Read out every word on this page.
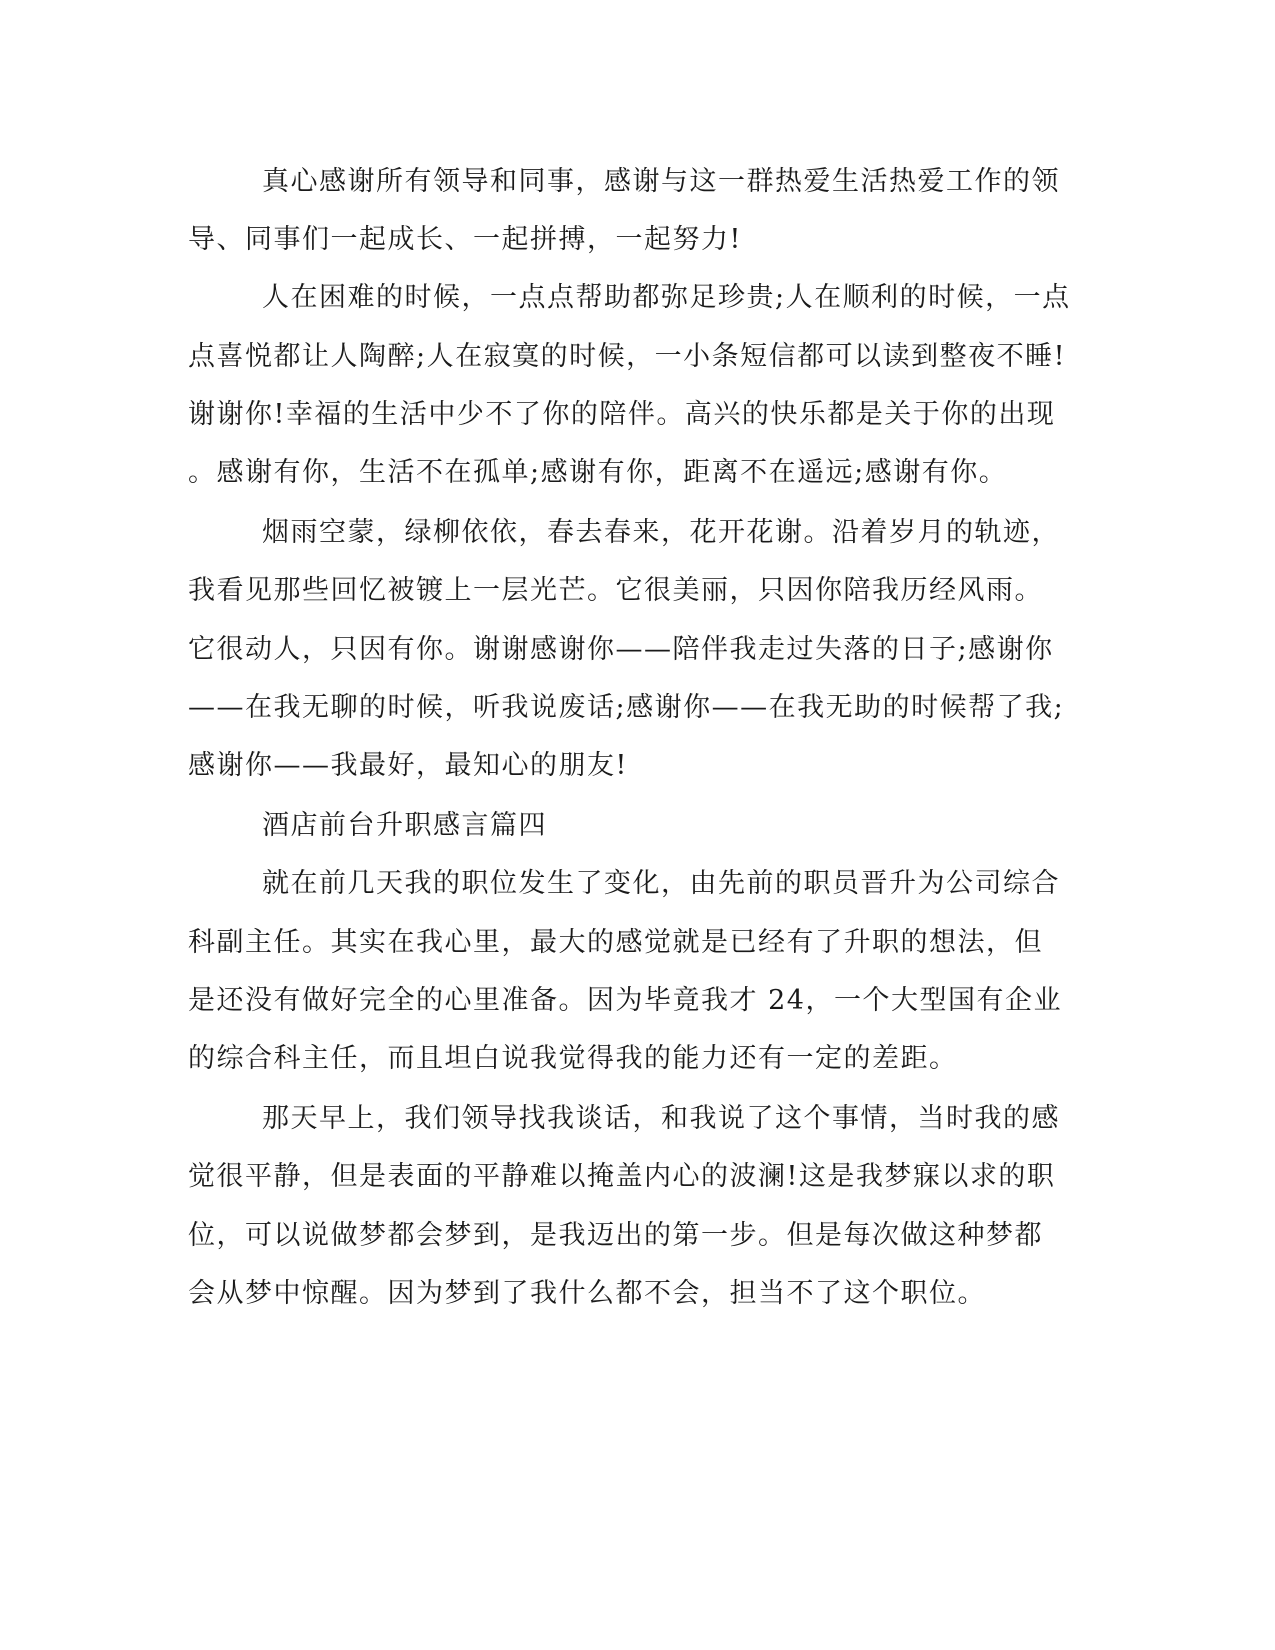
真心感谢所有领导和同事，感谢与这一群热爱生活热爱工作的领
导、同事们一起成长、一起拼搏，一起努力!
人在困难的时候，一点点帮助都弥足珍贵;人在顺利的时候，一点
点喜悦都让人陶醉;人在寂寞的时候，一小条短信都可以读到整夜不睡!
谢谢你!幸福的生活中少不了你的陪伴。高兴的快乐都是关于你的出现
。感谢有你，生活不在孤单;感谢有你，距离不在遥远;感谢有你。
烟雨空蒙，绿柳依依，春去春来，花开花谢。沿着岁月的轨迹，
我看见那些回忆被镀上一层光芒。它很美丽，只因你陪我历经风雨。
它很动人，只因有你。谢谢感谢你——陪伴我走过失落的日子;感谢你
——在我无聊的时候，听我说废话;感谢你——在我无助的时候帮了我;
感谢你——我最好，最知心的朋友!
酒店前台升职感言篇四
就在前几天我的职位发生了变化，由先前的职员晋升为公司综合
科副主任。其实在我心里，最大的感觉就是已经有了升职的想法，但
是还没有做好完全的心里准备。因为毕竟我才 24，一个大型国有企业
的综合科主任，而且坦白说我觉得我的能力还有一定的差距。
那天早上，我们领导找我谈话，和我说了这个事情，当时我的感
觉很平静，但是表面的平静难以掩盖内心的波澜!这是我梦寐以求的职
位，可以说做梦都会梦到，是我迈出的第一步。但是每次做这种梦都
会从梦中惊醒。因为梦到了我什么都不会，担当不了这个职位。
